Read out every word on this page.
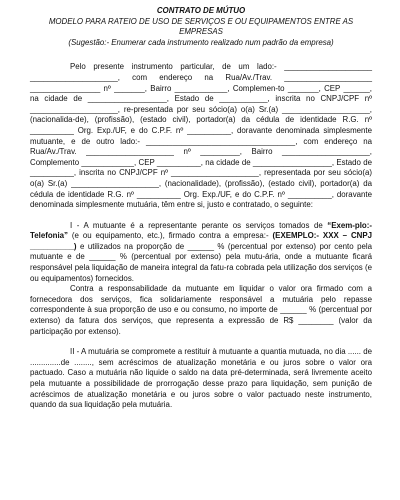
CONTRATO DE MÚTUO
MODELO PARA RATEIO DE USO DE SERVIÇOS E OU EQUIPAMENTOS ENTRE AS EMPRESAS
(Sugestão:- Enumerar cada instrumento realizado num padrão da empresa)

Pelo presente instrumento particular, de um lado:- ____________________ ____________________, com endereço na Rua/Av./Trav. ____________________ ________________ nº _______, Bairro ____________, Complemen-to _______, CEP ______, na cidade de __________________, Estado de ___________, inscrita no CNPJ/CPF nº ____________________, re-presentada por seu sócio(a) o(a) Sr.(a) ____________________, (nacionalida-de), (profissão), (estado civil), portador(a) da cédula de identidade R.G. nº __________ Org. Exp./UF, e do C.P.F. nº __________, doravante denominada simplesmente mutuante, e de outro lado:- __________________________________, com endereço na Rua/Av./Trav. ____________________ nº _________, Bairro ____________________, Complemento ____________, CEP __________, na cidade de __________________, Estado de __________, inscrita no CNPJ/CPF nº ____________________, representada por seu sócio(a) o(a) Sr.(a) ____________________, (nacionalidade), (profissão), (estado civil), portador(a) da cédula de identidade R.G. nº __________ Org. Exp./UF, e do C.P.F. nº __________, doravante denominada simplesmente mutuária, têm entre si, justo e contratado, o seguinte:

I - A mutuante é a representante perante os serviços tomados de “Exem-plo:- Telefonia” (e ou equipamento, etc.), firmado contra a empresa:- (EXEMPLO:- XXX – CNPJ __________) e utilizados na proporção de ______ % (percentual por extenso) por cento pela mutuante e de ______ % (percentual por extenso) pela mutu-ária, onde a mutuante ficará responsável pela liquidação de maneira integral da fatu-ra cobrada pela utilização dos serviços (e ou equipamentos) fornecidos.

Contra a responsabilidade da mutuante em liquidar o valor ora firmado com a fornecedora dos serviços, fica solidariamente responsável a mutuária pelo repasse correspondente à sua proporção de uso e ou consumo, no importe de ______ % (percentual por extenso) da fatura dos serviços, que representa a expressão de R$ ________ (valor da participação por extenso).

II - A mutuária se compromete a restituir à mutuante a quantia mutuada, no dia ...... de ..............de ........, sem acréscimos de atualização monetária e ou juros sobre o valor ora pactuado. Caso a mutuária não liquide o saldo na data pré-determinada, será livremente aceito pela mutuante a possibilidade de prorrogação desse prazo para liquidação, sem punição de acréscimos de atualização monetária e ou juros sobre o valor pactuado neste instrumento, quando da sua liquidação pela mutuária.
